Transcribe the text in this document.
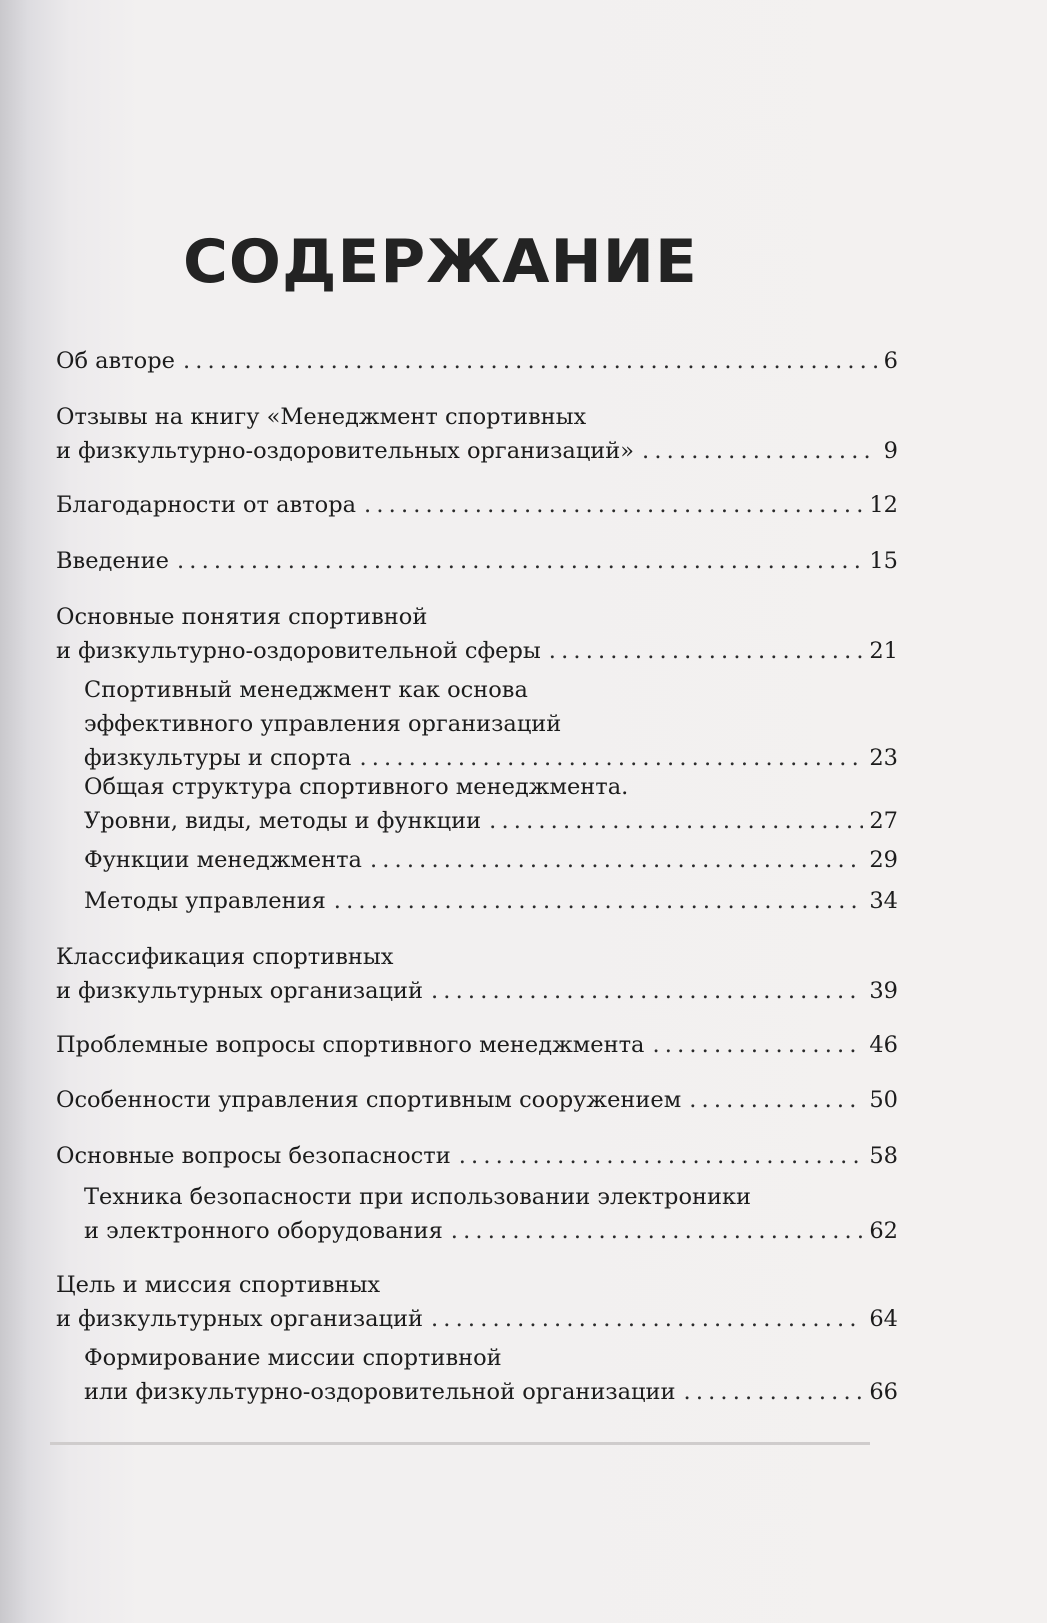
СОДЕРЖАНИЕ
Об авторе . . .	6
Отзывы на книгу «Менеджмент спортивных
и физкультурно-оздоровительных организаций» . . .	9
Благодарности от автора . . .	12
Введение . . .	15
Основные понятия спортивной
и физкультурно-оздоровительной сферы . . .	21
Спортивный менеджмент как основа
эффективного управления организаций
физкультуры и спорта . . .	23
Общая структура спортивного менеджмента.
Уровни, виды, методы и функции . . .	27
Функции менеджмента . . .	29
Методы управления . . .	34
Классификация спортивных
и физкультурных организаций . . .	39
Проблемные вопросы спортивного менеджмента . . .	46
Особенности управления спортивным сооружением . . .	50
Основные вопросы безопасности . . .	58
Техника безопасности при использовании электроники
и электронного оборудования . . .	62
Цель и миссия спортивных
и физкультурных организаций . . .	64
Формирование миссии спортивной
или физкультурно-оздоровительной организации . . .	66
